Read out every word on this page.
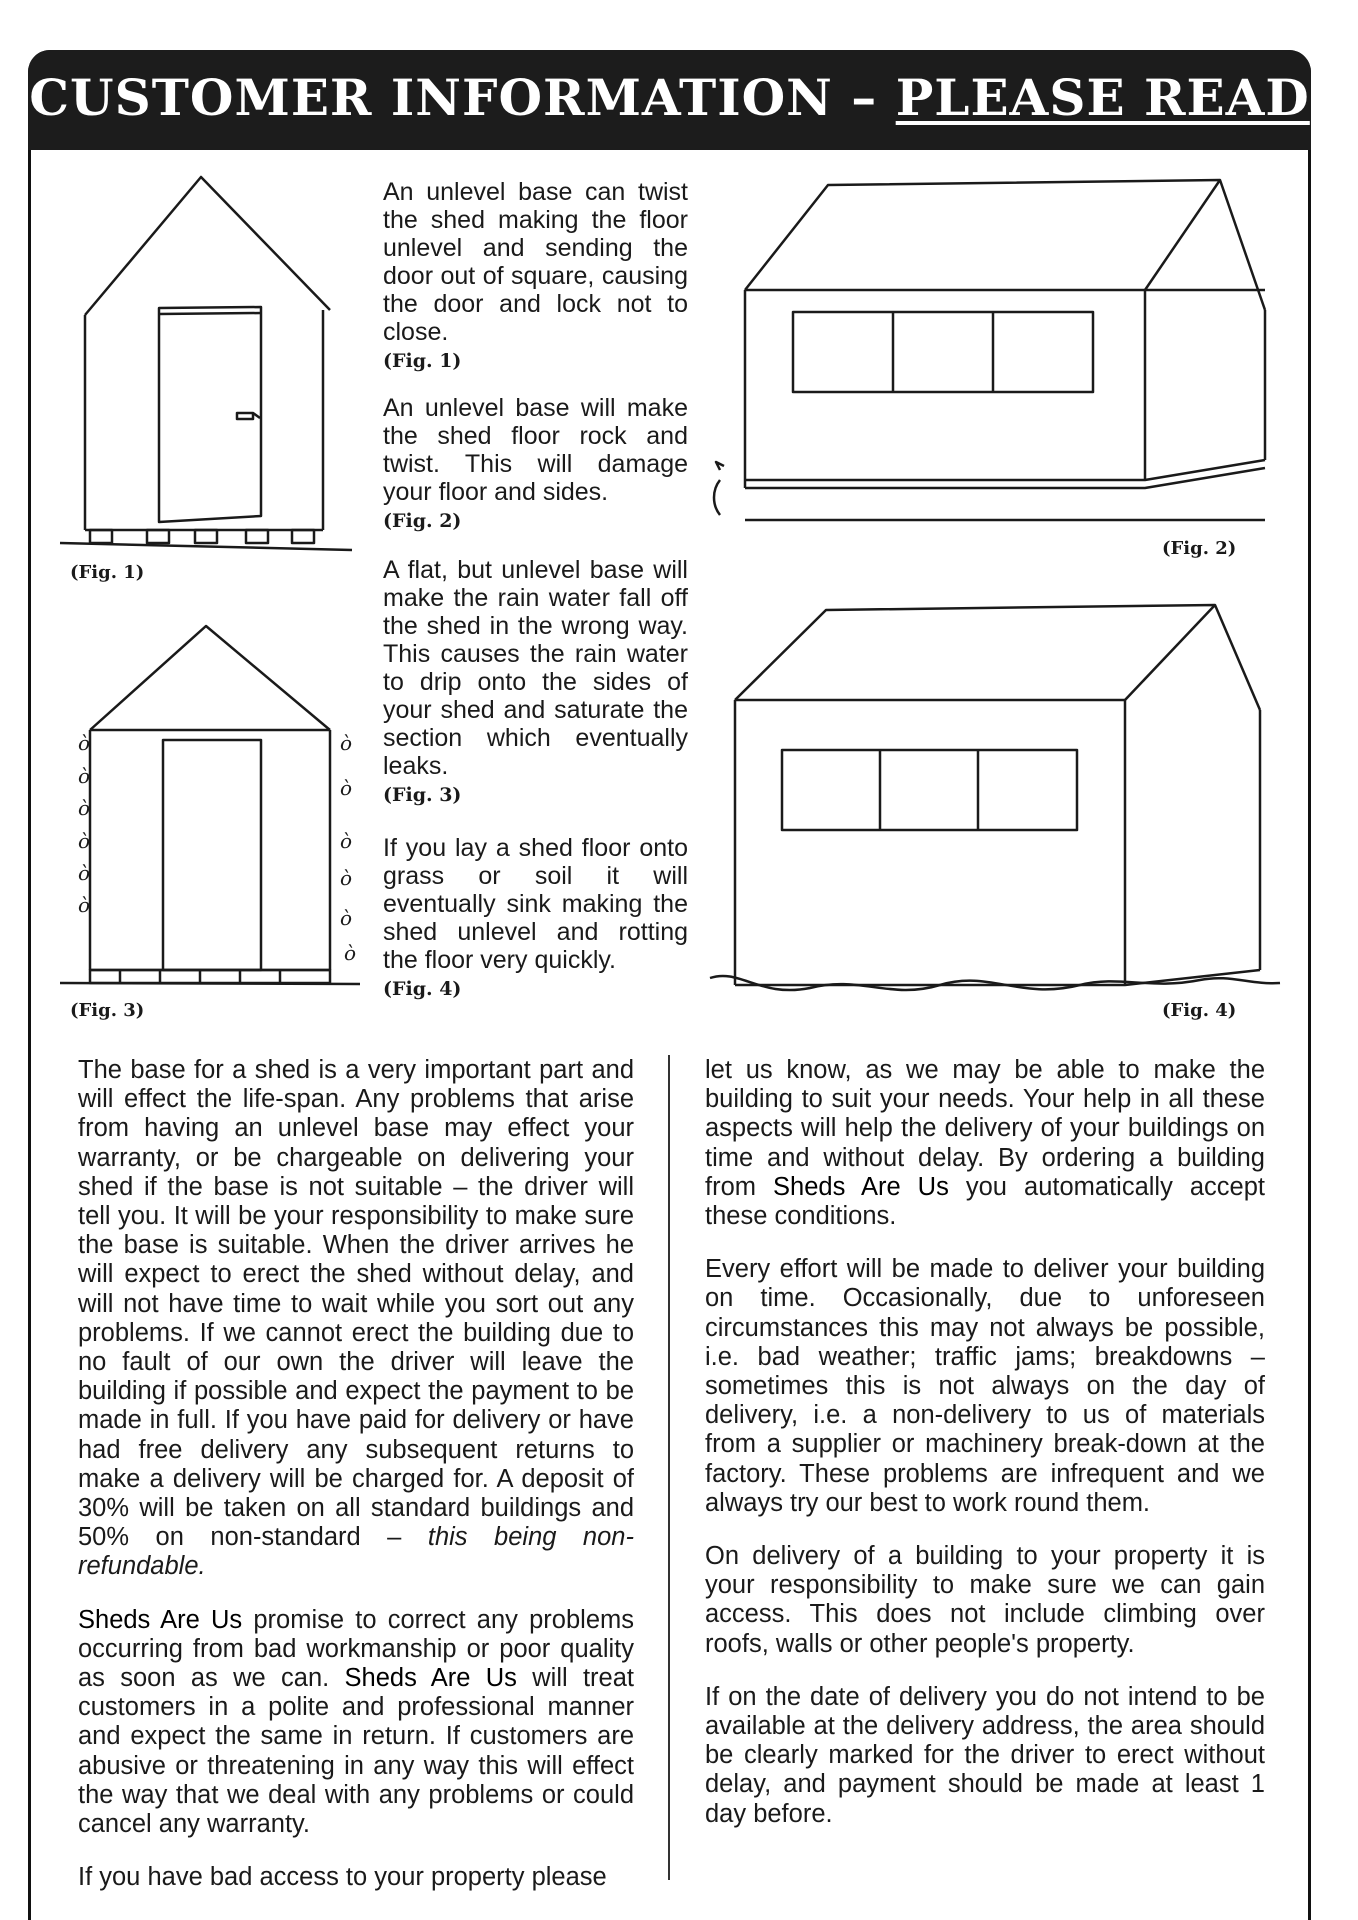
CUSTOMER INFORMATION – PLEASE READ
(Fig. 1)
ò
ò
ò
ò
ò
ò
ò
ò
ò
ò
ò
ò
(Fig. 3)
An unlevel base can twist the shed making the floor unlevel and sending the door out of square, causing the door and lock not to close.
(Fig. 1)
An unlevel base will make the shed floor rock and twist. This will damage your floor and sides.
(Fig. 2)
A flat, but unlevel base will make the rain water fall off the shed in the wrong way. This causes the rain water to drip onto the sides of your shed and saturate the section which eventually leaks.
(Fig. 3)
If you lay a shed floor onto grass or soil it will eventually sink making the shed unlevel and rotting the floor very quickly.
(Fig. 4)
(Fig. 2)
(Fig. 4)

The base for a shed is a very important part and will effect the life-span. Any problems that arise from having an unlevel base may effect your warranty, or be chargeable on delivering your shed if the base is not suitable – the driver will tell you. It will be your responsibility to make sure the base is suitable. When the driver arrives he will expect to erect the shed without delay, and will not have time to wait while you sort out any problems. If we cannot erect the building due to no fault of our own the driver will leave the building if possible and expect the payment to be made in full. If you have paid for delivery or have had free delivery any subsequent returns to make a delivery will be charged for. A deposit of 30% will be taken on all standard buildings and 50% on non-standard – this being non-refundable.

Sheds Are Us promise to correct any problems occurring from bad workmanship or poor quality as soon as we can. Sheds Are Us will treat customers in a polite and professional manner and expect the same in return. If customers are abusive or threatening in any way this will effect the way that we deal with any problems or could cancel any warranty.

If you have bad access to your property please

let us know, as we may be able to make the building to suit your needs. Your help in all these aspects will help the delivery of your buildings on time and without delay. By ordering a building from Sheds Are Us you automatically accept these conditions.

Every effort will be made to deliver your building on time. Occasionally, due to unforeseen circumstances this may not always be possible, i.e. bad weather; traffic jams; breakdowns – sometimes this is not always on the day of delivery, i.e. a non-delivery to us of materials from a supplier or machinery break-down at the factory. These problems are infrequent and we always try our best to work round them.

On delivery of a building to your property it is your responsibility to make sure we can gain access. This does not include climbing over roofs, walls or other people's property.

If on the date of delivery you do not intend to be available at the delivery address, the area should be clearly marked for the driver to erect without delay, and payment should be made at least 1 day before.
